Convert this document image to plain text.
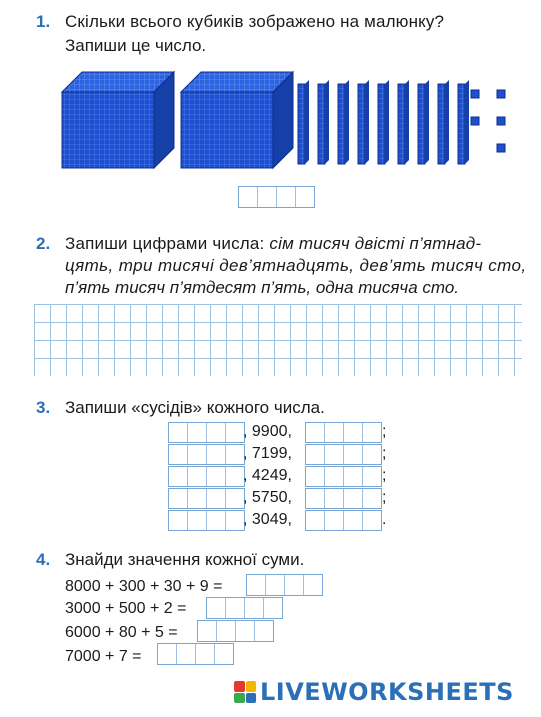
1. Скільки всього кубиків зображено на малюнку?
Запиши це число.
2. Запиши цифрами числа: сім тисяч двісті п’ятнад-
цять, три тисячі дев’ятнадцять, дев’ять тисяч сто,
п’ять тисяч п’ятдесят п’ять, одна тисяча сто.
3. Запиши «сусідів» кожного числа.
, 9900,	;
, 7199,	;
, 4249,	;
, 5750,	;
, 3049,	.
4. Знайди значення кожної суми.
8000 + 300 + 30 + 9 =
3000 + 500 + 2 =
6000 + 80 + 5 =
7000 + 7 =
LIVEWORKSHEETS
